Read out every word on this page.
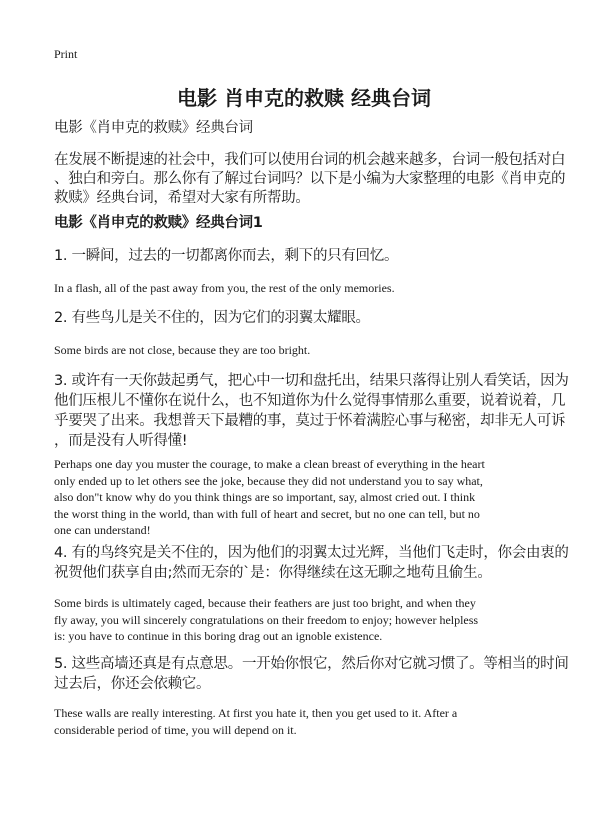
Print
电影 肖申克的救赎 经典台词
电影《肖申克的救赎》经典台词
在发展不断提速的社会中，我们可以使用台词的机会越来越多，台词一般包括对白
、独白和旁白。那么你有了解过台词吗？以下是小编为大家整理的电影《肖申克的
救赎》经典台词，希望对大家有所帮助。
电影《肖申克的救赎》经典台词1
1. 一瞬间，过去的一切都离你而去，剩下的只有回忆。
In a flash, all of the past away from you, the rest of the only memories.
2. 有些鸟儿是关不住的，因为它们的羽翼太耀眼。
Some birds are not close, because they are too bright.
3. 或许有一天你鼓起勇气，把心中一切和盘托出，结果只落得让别人看笑话，因为
他们压根儿不懂你在说什么，也不知道你为什么觉得事情那么重要，说着说着，几
乎要哭了出来。我想普天下最糟的事，莫过于怀着满腔心事与秘密，却非无人可诉
，而是没有人听得懂!
Perhaps one day you muster the courage, to make a clean breast of everything in the heart
only ended up to let others see the joke, because they did not understand you to say what,
also don"t know why do you think things are so important, say, almost cried out. I think
the worst thing in the world, than with full of heart and secret, but no one can tell, but no
one can understand!
4. 有的鸟终究是关不住的，因为他们的羽翼太过光辉，当他们飞走时，你会由衷的
祝贺他们获享自由;然而无奈的`是：你得继续在这无聊之地苟且偷生。
Some birds is ultimately caged, because their feathers are just too bright, and when they
fly away, you will sincerely congratulations on their freedom to enjoy; however helpless
is: you have to continue in this boring drag out an ignoble existence.
5. 这些高墙还真是有点意思。一开始你恨它，然后你对它就习惯了。等相当的时间
过去后，你还会依赖它。
These walls are really interesting. At first you hate it, then you get used to it. After a
considerable period of time, you will depend on it.
